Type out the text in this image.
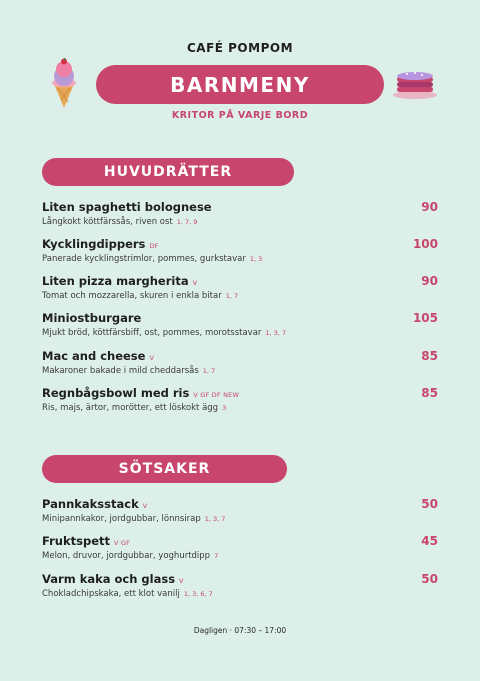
CAFÉ POMPOM
BARNMENY
KRITOR PÅ VARJE BORD
HUVUDRÄTTER
Liten spaghetti bolognese	90
Långkokt köttfärssås, riven ost 1, 7, 9
Kycklingdippers DF	100
Panerade kycklingstrimlor, pommes, gurkstavar 1, 3
Liten pizza margherita V	90
Tomat och mozzarella, skuren i enkla bitar 1, 7
Miniostburgare	105
Mjukt bröd, köttfärsbiff, ost, pommes, morotsstavar 1, 3, 7
Mac and cheese V	85
Makaroner bakade i mild cheddarsås 1, 7
Regnbågsbowl med ris V GF DF NEW	85
Ris, majs, ärtor, morötter, ett löskokt ägg 3
SÖTSAKER
Pannkaksstack V	50
Minipannkakor, jordgubbar, lönnsirap 1, 3, 7
Fruktspett V GF	45
Melon, druvor, jordgubbar, yoghurtdipp 7
Varm kaka och glass V	50
Chokladchipskaka, ett klot vanilj 1, 3, 6, 7
Dagligen · 07:30 – 17:00
